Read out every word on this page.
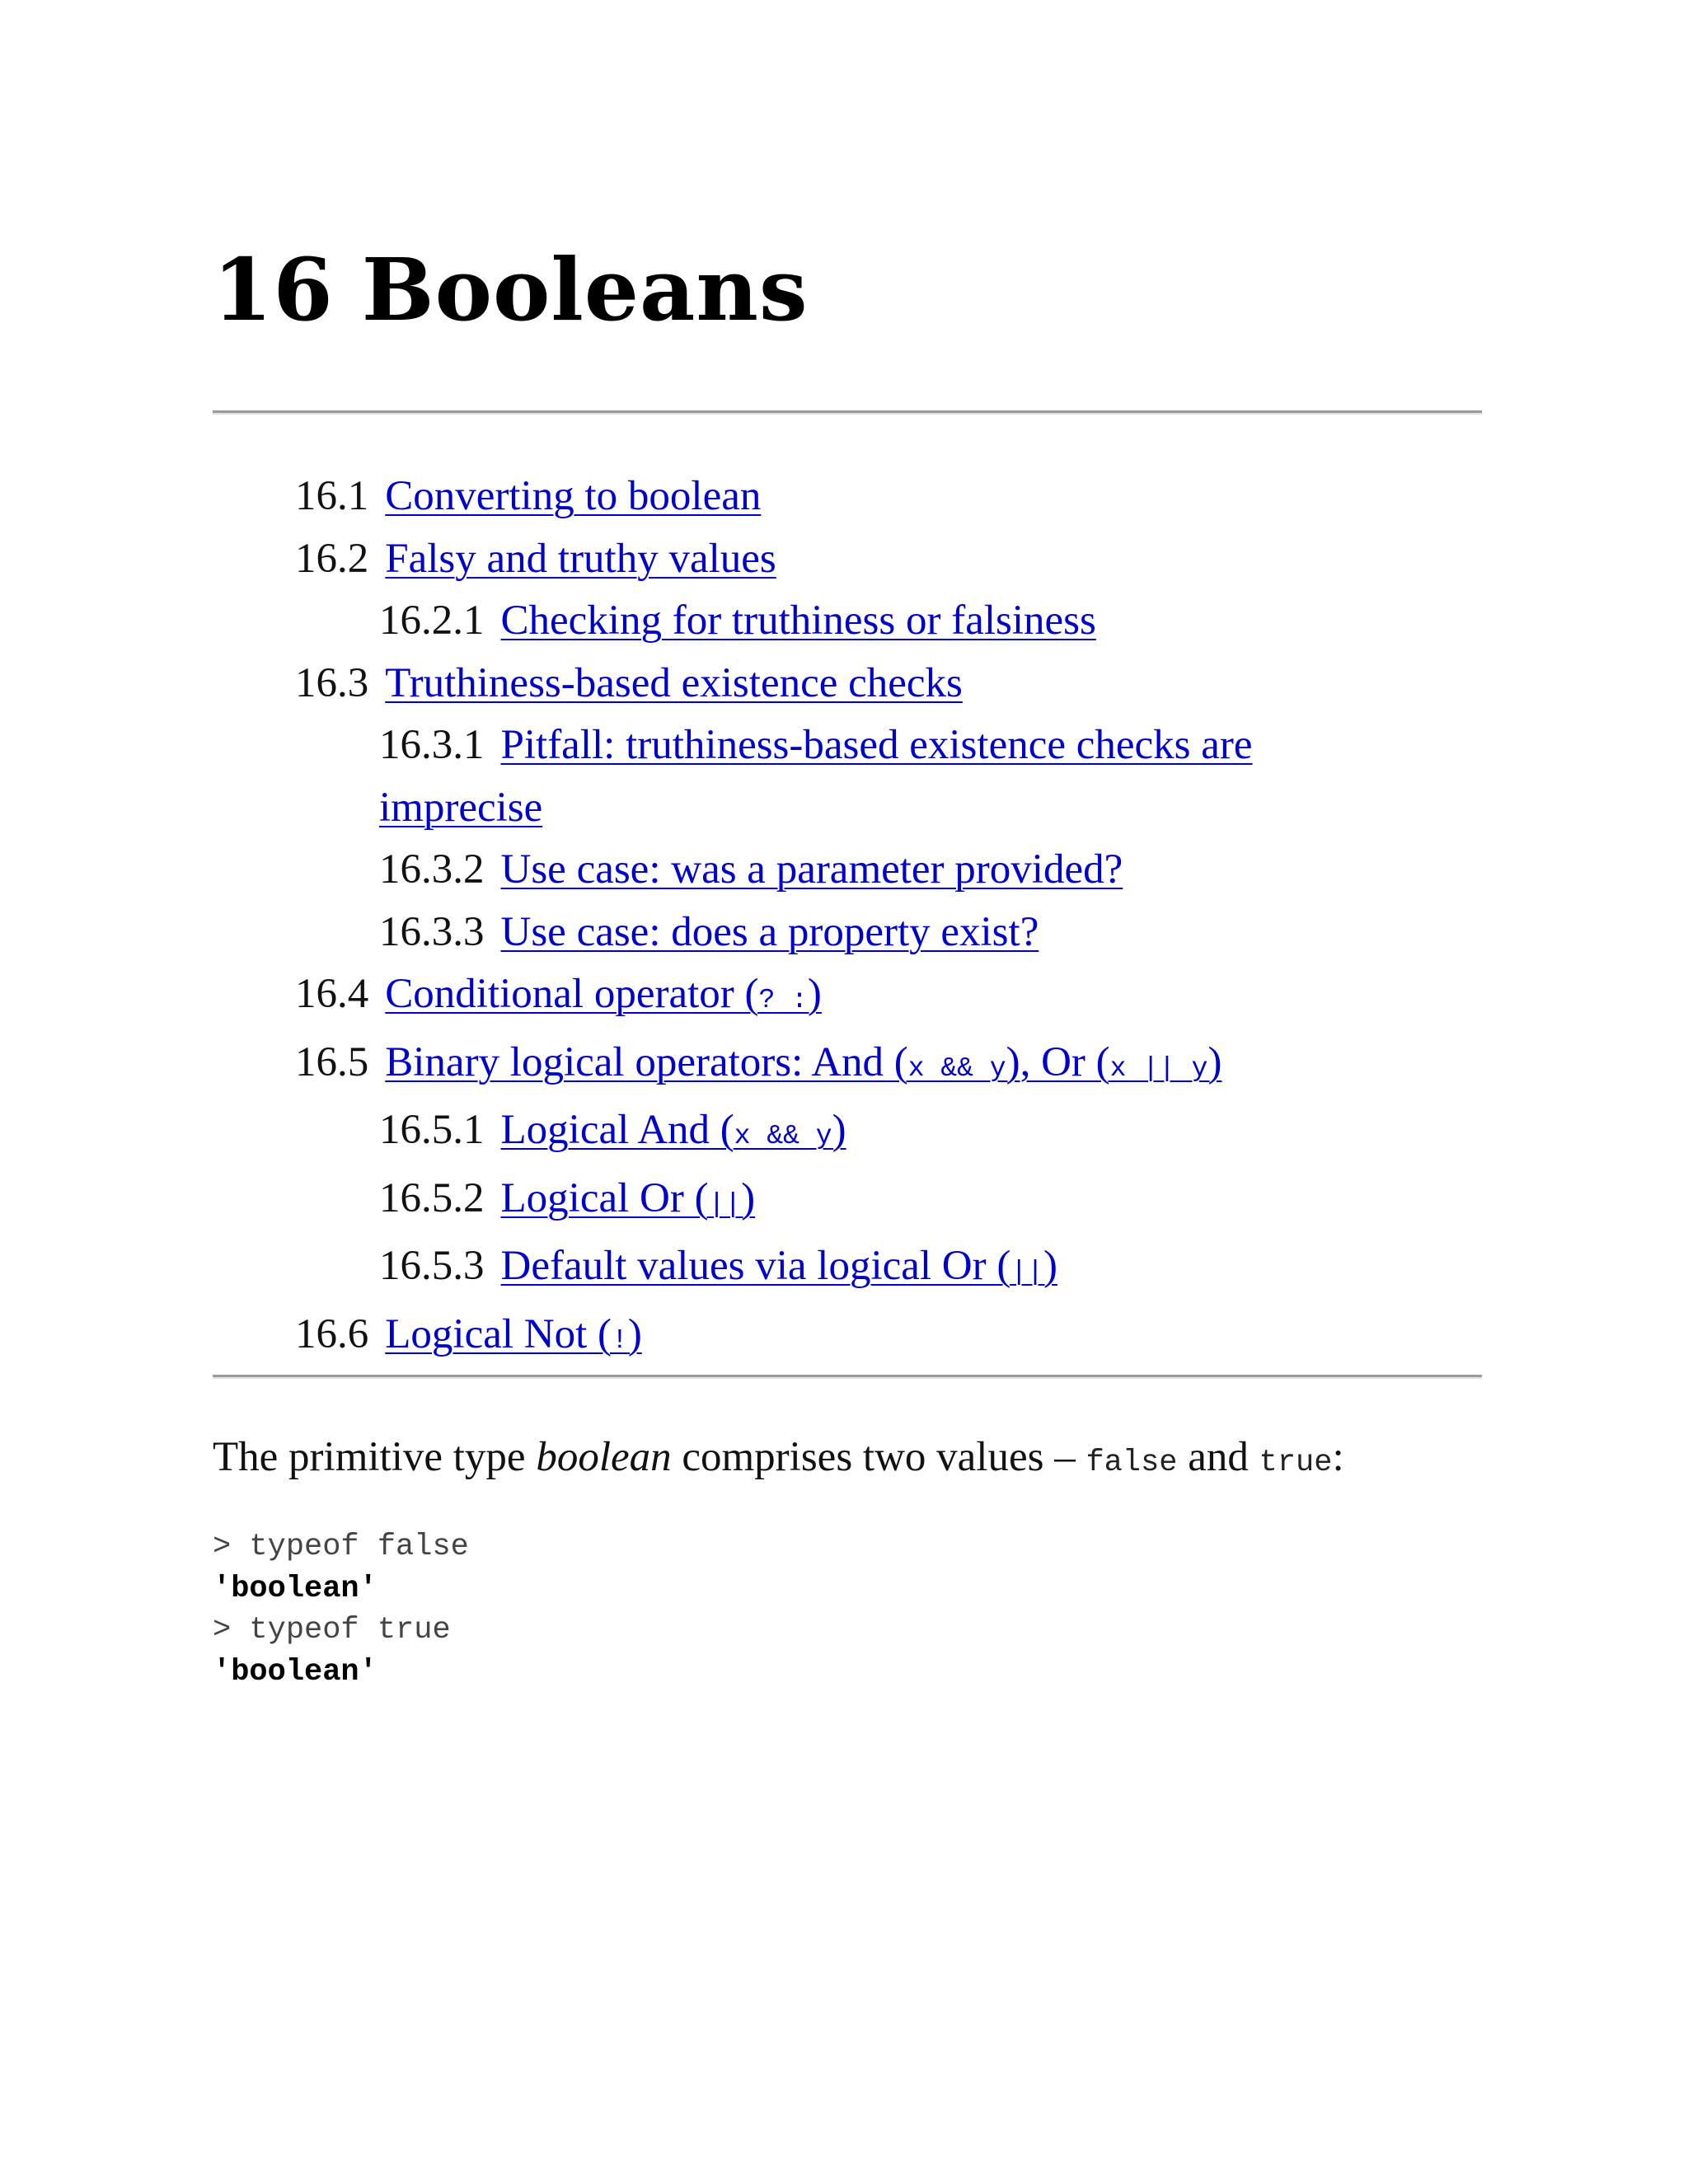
16 Booleans
16.1 Converting to boolean
16.2 Falsy and truthy values
16.2.1 Checking for truthiness or falsiness
16.3 Truthiness-based existence checks
16.3.1 Pitfall: truthiness-based existence checks are imprecise
16.3.2 Use case: was a parameter provided?
16.3.3 Use case: does a property exist?
16.4 Conditional operator (? :)
16.5 Binary logical operators: And (x && y), Or (x || y)
16.5.1 Logical And (x && y)
16.5.2 Logical Or (||)
16.5.3 Default values via logical Or (||)
16.6 Logical Not (!)

The primitive type boolean comprises two values – false and true:

> typeof false
'boolean'
> typeof true
'boolean'
